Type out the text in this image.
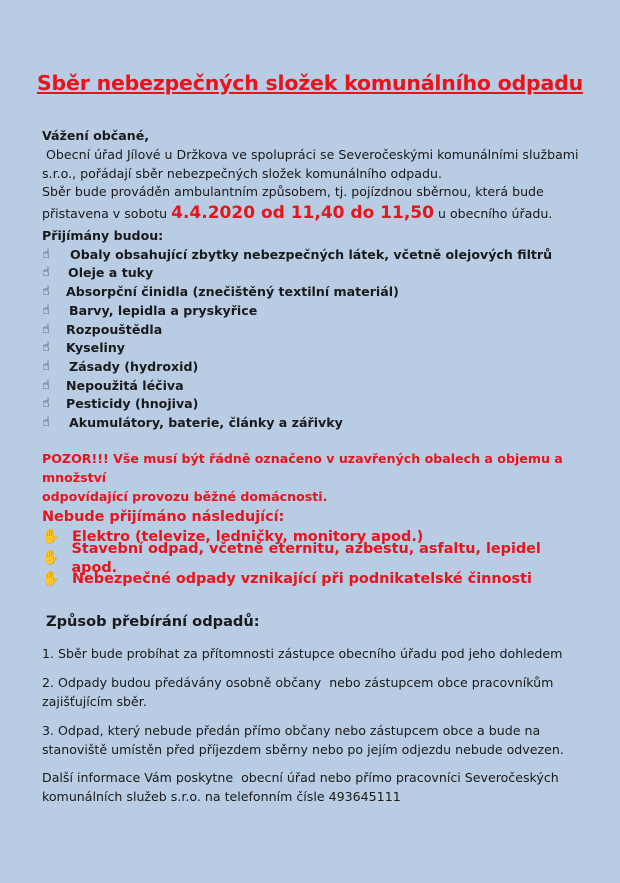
Sběr nebezpečných složek komunálního odpadu

Vážení občané,

Obecní úřad Jílové u Držkova ve spolupráci se Severočeskými komunálními službami

s.r.o., pořádají sběr nebezpečných složek komunálního odpadu.

Sběr bude prováděn ambulantním způsobem, tj. pojízdnou sběrnou, která bude

přistavena v sobotu 4.4.2020 od 11,40 do 11,50 u obecního úřadu.

Přijímány budou:

☝	Obaly obsahující zbytky nebezpečných látek, včetně olejových filtrů
☝	Oleje a tuky
☝	Absorpční činidla (znečištěný textilní materiál)
☝	Barvy, lepidla a pryskyřice
☝	Rozpouštědla
☝	Kyseliny
☝	Zásady (hydroxid)
☝	Nepoužitá léčiva
☝	Pesticidy (hnojiva)
☝	Akumulátory, baterie, články a zářivky

POZOR!!! Vše musí být řádně označeno v uzavřených obalech a objemu a množství

odpovídající provozu běžné domácnosti.

Nebude přijímáno následující:

✋ Elektro (televize, ledničky, monitory apod.)
✋
Stavební odpad, včetně eternitu, azbestu, asfaltu, lepidel apod.
✋ Nebezpečné odpady vznikající při podnikatelské činnosti

Způsob přebírání odpadů:

1. Sběr bude probíhat za přítomnosti zástupce obecního úřadu pod jeho dohledem

2. Odpady budou předávány osobně občany  nebo zástupcem obce pracovníkům

zajišťujícím sběr.

3. Odpad, který nebude předán přímo občany nebo zástupcem obce a bude na

stanoviště umístěn před příjezdem sběrny nebo po jejím odjezdu nebude odvezen.

Další informace Vám poskytne  obecní úřad nebo přímo pracovníci Severočeských

komunálních služeb s.r.o. na telefonním čísle 493645111
